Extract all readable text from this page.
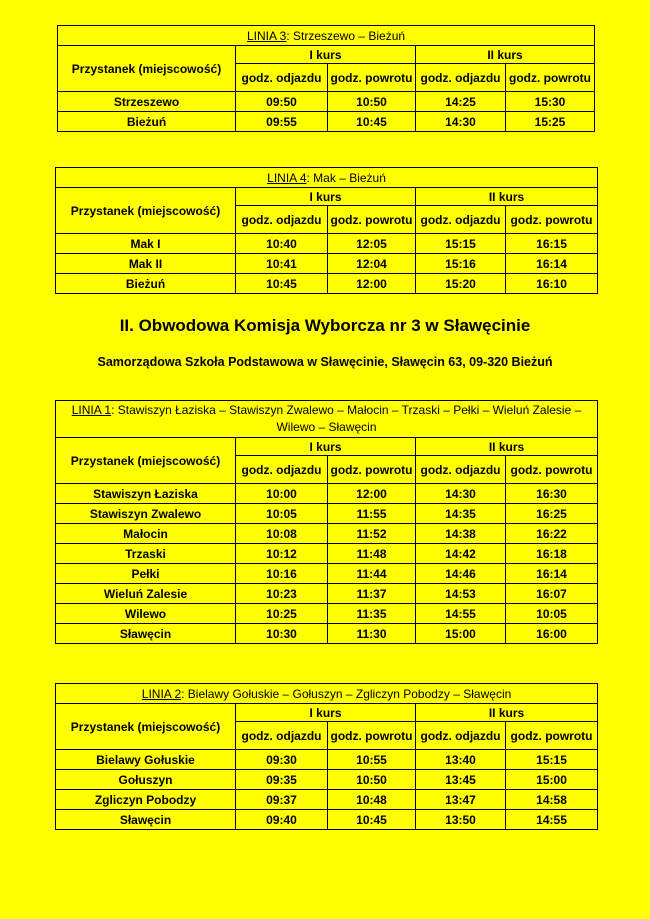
LINIA 3: Strzeszewo – Bieżuń				
Przystanek (miejscowość)	I kurs		II kurs	
	godz. odjazdu	godz. powrotu	godz. odjazdu	godz. powrotu
Strzeszewo	09:50	10:50	14:25	15:30
Bieżuń	09:55	10:45	14:30	15:25
LINIA 4: Mak – Bieżuń				
Przystanek (miejscowość)	I kurs		II kurs	
	godz. odjazdu	godz. powrotu	godz. odjazdu	godz. powrotu
Mak I	10:40	12:05	15:15	16:15
Mak II	10:41	12:04	15:16	16:14
Bieżuń	10:45	12:00	15:20	16:10
II. Obwodowa Komisja Wyborcza nr 3 w Sławęcinie
Samorządowa Szkoła Podstawowa w Sławęcinie, Sławęcin 63, 09-320 Bieżuń
LINIA 1: Stawiszyn Łaziska – Stawiszyn Zwalewo – Małocin – Trzaski – Pełki – Wieluń Zalesie – Wilewo – Sławęcin				
Przystanek (miejscowość)	I kurs		II kurs	
	godz. odjazdu	godz. powrotu	godz. odjazdu	godz. powrotu
Stawiszyn Łaziska	10:00	12:00	14:30	16:30
Stawiszyn Zwalewo	10:05	11:55	14:35	16:25
Małocin	10:08	11:52	14:38	16:22
Trzaski	10:12	11:48	14:42	16:18
Pełki	10:16	11:44	14:46	16:14
Wieluń Zalesie	10:23	11:37	14:53	16:07
Wilewo	10:25	11:35	14:55	10:05
Sławęcin	10:30	11:30	15:00	16:00
LINIA 2: Bielawy Gołuskie – Gołuszyn – Zgliczyn Pobodzy – Sławęcin				
Przystanek (miejscowość)	I kurs		II kurs	
	godz. odjazdu	godz. powrotu	godz. odjazdu	godz. powrotu
Bielawy Gołuskie	09:30	10:55	13:40	15:15
Gołuszyn	09:35	10:50	13:45	15:00
Zgliczyn Pobodzy	09:37	10:48	13:47	14:58
Sławęcin	09:40	10:45	13:50	14:55
